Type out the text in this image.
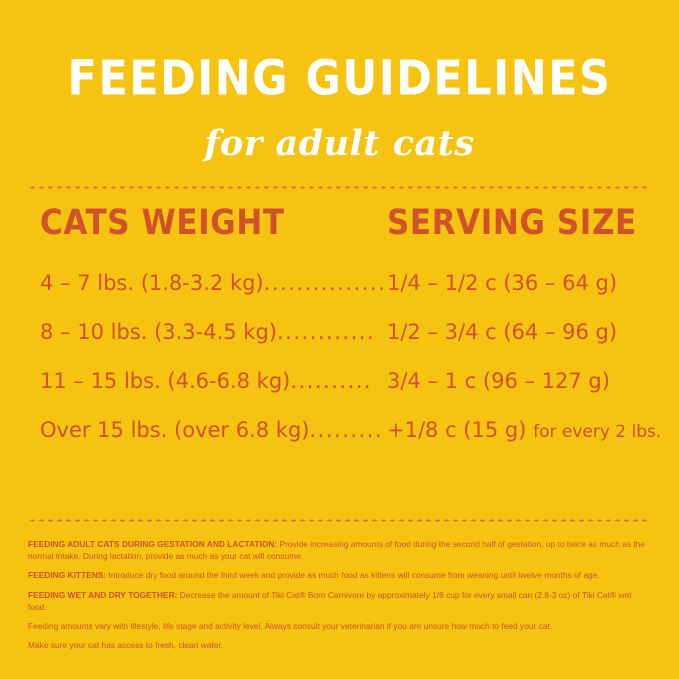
FEEDING GUIDELINES
for adult cats
CATS WEIGHT	SERVING SIZE
4 – 7 lbs. (1.8-3.2 kg)............... 1/4 – 1/2 c (36 – 64 g)
8 – 10 lbs. (3.3-4.5 kg)............ 1/2 – 3/4 c (64 – 96 g)
11 – 15 lbs. (4.6-6.8 kg).......... 3/4 – 1 c (96 – 127 g)
Over 15 lbs. (over 6.8 kg)......... +1/8 c (15 g) for every 2 lbs.

FEEDING ADULT CATS DURING GESTATION AND LACTATION: Provide increasing amounts of food during the second half of gestation, up to twice as much as the normal intake. During lactation, provide as much as your cat will consume.

FEEDING KITTENS: Introduce dry food around the third week and provide as much food as kittens will consume from weaning until twelve months of age.

FEEDING WET AND DRY TOGETHER: Decrease the amount of Tiki Cat® Born Carnivore by approximately 1/8 cup for every small can (2.8-3 oz) of Tiki Cat® wet food.

Feeding amounts vary with lifestyle, life stage and activity level. Always consult your veterinarian if you are unsure how much to feed your cat.

Make sure your cat has access to fresh, clean water.
